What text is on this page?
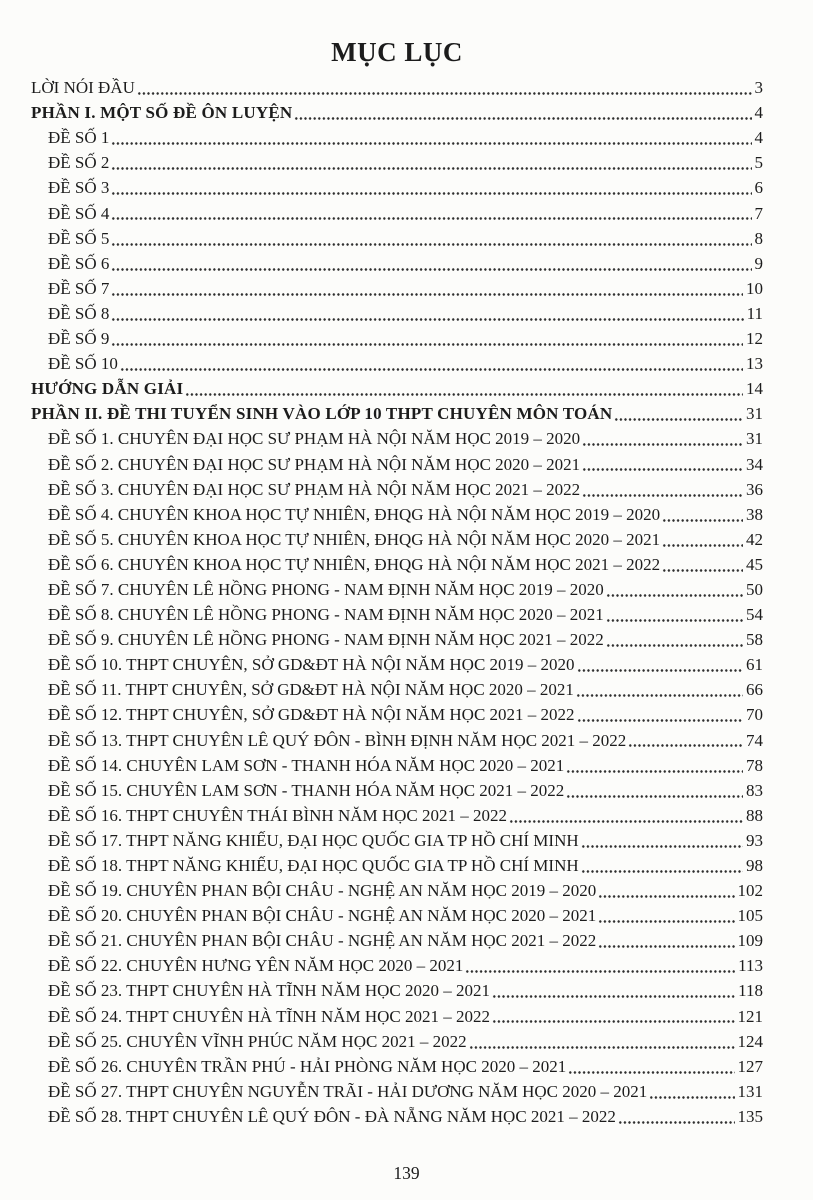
MỤC LỤC
LỜI NÓI ĐẦU	3
PHẦN I. MỘT SỐ ĐỀ ÔN LUYỆN	4
ĐỀ SỐ 1	4
ĐỀ SỐ 2	5
ĐỀ SỐ 3	6
ĐỀ SỐ 4	7
ĐỀ SỐ 5	8
ĐỀ SỐ 6	9
ĐỀ SỐ 7	10
ĐỀ SỐ 8	11
ĐỀ SỐ 9	12
ĐỀ SỐ 10	13
HƯỚNG DẪN GIẢI	14
PHẦN II. ĐỀ THI TUYỂN SINH VÀO LỚP 10 THPT CHUYÊN MÔN TOÁN	31
ĐỀ SỐ 1. CHUYÊN ĐẠI HỌC SƯ PHẠM HÀ NỘI NĂM HỌC 2019 – 2020	31
ĐỀ SỐ 2. CHUYÊN ĐẠI HỌC SƯ PHẠM HÀ NỘI NĂM HỌC 2020 – 2021	34
ĐỀ SỐ 3. CHUYÊN ĐẠI HỌC SƯ PHẠM HÀ NỘI NĂM HỌC 2021 – 2022	36
ĐỀ SỐ 4. CHUYÊN KHOA HỌC TỰ NHIÊN, ĐHQG HÀ NỘI NĂM HỌC 2019 – 2020	38
ĐỀ SỐ 5. CHUYÊN KHOA HỌC TỰ NHIÊN, ĐHQG HÀ NỘI NĂM HỌC 2020 – 2021	42
ĐỀ SỐ 6. CHUYÊN KHOA HỌC TỰ NHIÊN, ĐHQG HÀ NỘI NĂM HỌC 2021 – 2022	45
ĐỀ SỐ 7. CHUYÊN LÊ HỒNG PHONG - NAM ĐỊNH NĂM HỌC 2019 – 2020	50
ĐỀ SỐ 8. CHUYÊN LÊ HỒNG PHONG - NAM ĐỊNH NĂM HỌC 2020 – 2021	54
ĐỀ SỐ 9. CHUYÊN LÊ HỒNG PHONG - NAM ĐỊNH NĂM HỌC 2021 – 2022	58
ĐỀ SỐ 10. THPT CHUYÊN, SỞ GD&ĐT HÀ NỘI NĂM HỌC 2019 – 2020	61
ĐỀ SỐ 11. THPT CHUYÊN, SỞ GD&ĐT HÀ NỘI NĂM HỌC 2020 – 2021	66
ĐỀ SỐ 12. THPT CHUYÊN, SỞ GD&ĐT HÀ NỘI NĂM HỌC 2021 – 2022	70
ĐỀ SỐ 13. THPT CHUYÊN LÊ QUÝ ĐÔN - BÌNH ĐỊNH NĂM HỌC 2021 – 2022	74
ĐỀ SỐ 14. CHUYÊN LAM SƠN - THANH HÓA NĂM HỌC 2020 – 2021	78
ĐỀ SỐ 15. CHUYÊN LAM SƠN - THANH HÓA NĂM HỌC 2021 – 2022	83
ĐỀ SỐ 16. THPT CHUYÊN THÁI BÌNH NĂM HỌC 2021 – 2022	88
ĐỀ SỐ 17. THPT NĂNG KHIẾU, ĐẠI HỌC QUỐC GIA TP HỒ CHÍ MINH	93
ĐỀ SỐ 18. THPT NĂNG KHIẾU, ĐẠI HỌC QUỐC GIA TP HỒ CHÍ MINH	98
ĐỀ SỐ 19. CHUYÊN PHAN BỘI CHÂU - NGHỆ AN NĂM HỌC 2019 – 2020	102
ĐỀ SỐ 20. CHUYÊN PHAN BỘI CHÂU - NGHỆ AN NĂM HỌC 2020 – 2021	105
ĐỀ SỐ 21. CHUYÊN PHAN BỘI CHÂU - NGHỆ AN NĂM HỌC 2021 – 2022	109
ĐỀ SỐ 22. CHUYÊN HƯNG YÊN NĂM HỌC 2020 – 2021	113
ĐỀ SỐ 23. THPT CHUYÊN HÀ TĨNH NĂM HỌC 2020 – 2021	118
ĐỀ SỐ 24. THPT CHUYÊN HÀ TĨNH NĂM HỌC 2021 – 2022	121
ĐỀ SỐ 25. CHUYÊN VĨNH PHÚC NĂM HỌC 2021 – 2022	124
ĐỀ SỐ 26. CHUYÊN TRẦN PHÚ - HẢI PHÒNG NĂM HỌC 2020 – 2021	127
ĐỀ SỐ 27. THPT CHUYÊN NGUYỄN TRÃI - HẢI DƯƠNG NĂM HỌC 2020 – 2021	131
ĐỀ SỐ 28. THPT CHUYÊN LÊ QUÝ ĐÔN - ĐÀ NẴNG NĂM HỌC 2021 – 2022	135
139
